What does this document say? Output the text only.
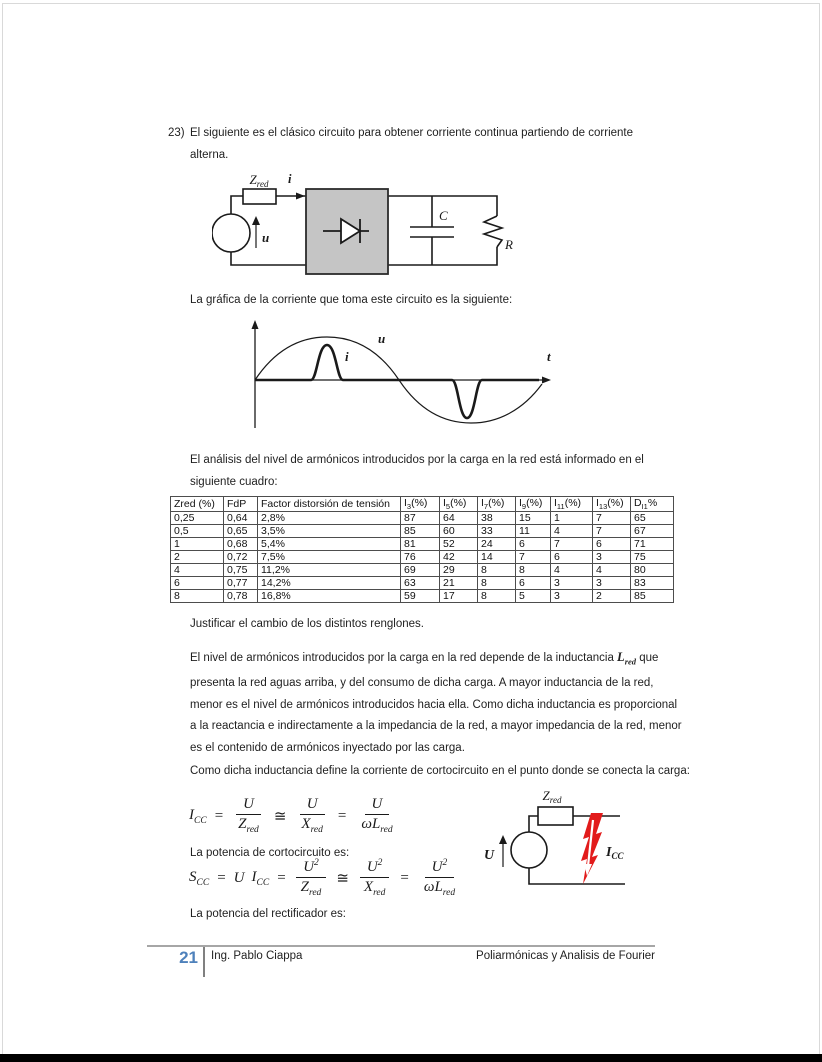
23) El siguiente es el clásico circuito para obtener corriente continua partiendo de corriente alterna.
$Z_{red}$ i
u
C
R
La gráfica de la corriente que toma este circuito es la siguiente:
u
i	t
El análisis del nivel de armónicos introducidos por la carga en la red está informado en el siguiente cuadro:
Zred (%)	FdP	Factor distorsión de tensión	$I_3(\%)$	$I_5(\%)$	$I_7(\%)$	$I_9(\%)$	$I_{11}(\%)$	$I_{13}(\%)$	$D_{I1}\%$
0,25	0,64	2,8%	87	64	38	15	1	7	65
0,5	0,65	3,5%	85	60	33	11	4	7	67
1	0,68	5,4%	81	52	24	6	7	6	71
2	0,72	7,5%	76	42	14	7	6	3	75
4	0,75	11,2%	69	29	8	8	4	4	80
6	0,77	14,2%	63	21	8	6	3	3	83
8	0,78	16,8%	59	17	8	5	3	2	85
Justificar el cambio de los distintos renglones.
El nivel de armónicos introducidos por la carga en la red depende de la inductancia $L_{red}$ que presenta la red aguas arriba, y del consumo de dicha carga. A mayor inductancia de la red, menor es el nivel de armónicos introducidos hacia ella. Como dicha inductancia es proporcional a la reactancia e indirectamente a la impedancia de la red, a mayor impedancia de la red, menor es el contenido de armónicos inyectado por las carga.
Como dicha inductancia define la corriente de cortocircuito en el punto donde se conecta la carga:
$I_{CC} = \frac{U}{Z_{red}}$ ≅ $\frac{U}{X_{red}} = \frac{U}{\omega L_{red}}$
La potencia de cortocircuito es:
$S_{CC} = U$ $I_{CC} = \frac{U^2}{Z_{red}}$ ≅ $\frac{U^2}{X_{red}} = \frac{U^2}{\omega L_{red}}$
La potencia del rectificador es:
$Z_{red}$
U	$I_{CC}$
21 Ing. Pablo Ciappa	Poliarmónicas y Analisis de Fourier
